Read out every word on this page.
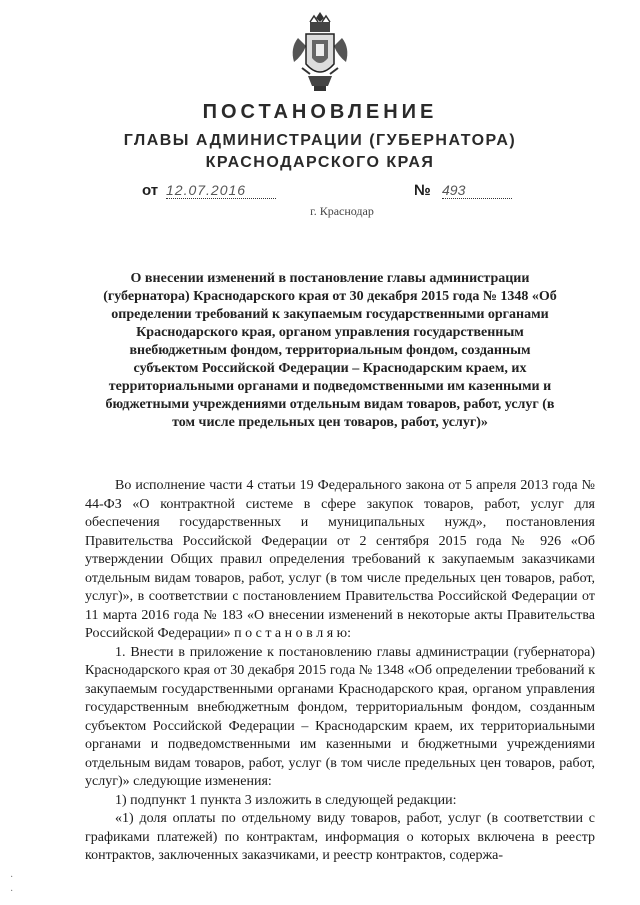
ПОСТАНОВЛЕНИЕ
ГЛАВЫ АДМИНИСТРАЦИИ (ГУБЕРНАТОРА)
КРАСНОДАРСКОГО КРАЯ
от 12.07.2016	№ 493
г. Краснодар
О внесении изменений в постановление главы администрации (губернатора) Краснодарского края от 30 декабря 2015 года № 1348 «Об определении требований к закупаемым государственными органами Краснодарского края, органом управления государственным внебюджетным фондом, территориальным фондом, созданным субъектом Российской Федерации – Краснодарским краем, их территориальными органами и подведомственными им казенными и бюджетными учреждениями отдельным видам товаров, работ, услуг (в том числе предельных цен товаров, работ, услуг)»

Во исполнение части 4 статьи 19 Федерального закона от 5 апреля 2013 года № 44-ФЗ «О контрактной системе в сфере закупок товаров, работ, услуг для обеспечения государственных и муниципальных нужд», постановления Правительства Российской Федерации от 2 сентября 2015 года № 926 «Об утверждении Общих правил определения требований к закупаемым заказчиками отдельным видам товаров, работ, услуг (в том числе предельных цен товаров, работ, услуг)», в соответствии с постановлением Правительства Российской Федерации от 11 марта 2016 года № 183 «О внесении изменений в некоторые акты Правительства Российской Федерации» п о с т а н о в л я ю:

1. Внести в приложение к постановлению главы администрации (губернатора) Краснодарского края от 30 декабря 2015 года № 1348 «Об определении требований к закупаемым государственными органами Краснодарского края, органом управления государственным внебюджетным фондом, территориальным фондом, созданным субъектом Российской Федерации – Краснодарским краем, их территориальными органами и подведомственными им казенными и бюджетными учреждениями отдельным видам товаров, работ, услуг (в том числе предельных цен товаров, работ, услуг)» следующие изменения:

1) подпункт 1 пункта 3 изложить в следующей редакции:

«1) доля оплаты по отдельному виду товаров, работ, услуг (в соответствии с графиками платежей) по контрактам, информация о которых включена в реестр контрактов, заключенных заказчиками, и реестр контрактов, содержа-

·
·
